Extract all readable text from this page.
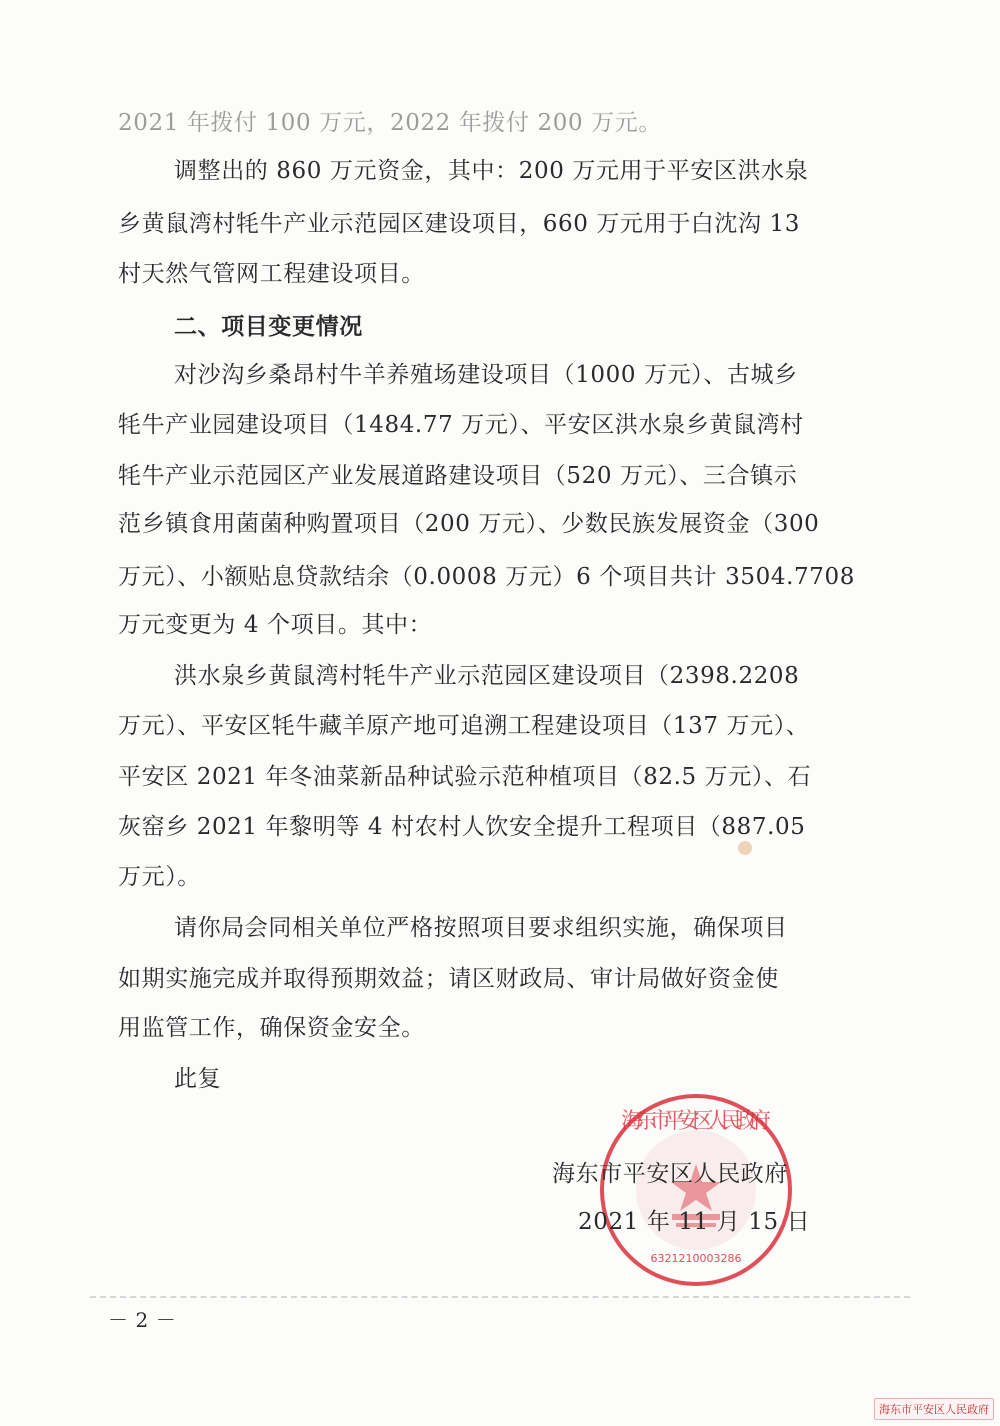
2021 年拨付 100 万元，2022 年拨付 200 万元。
调整出的 860 万元资金，其中：200 万元用于平安区洪水泉
乡黄鼠湾村牦牛产业示范园区建设项目，660 万元用于白沈沟 13
村天然气管网工程建设项目。
二、项目变更情况
对沙沟乡桑昂村牛羊养殖场建设项目（1000 万元）、古城乡
牦牛产业园建设项目（1484.77 万元）、平安区洪水泉乡黄鼠湾村
牦牛产业示范园区产业发展道路建设项目（520 万元）、三合镇示
范乡镇食用菌菌种购置项目（200 万元）、少数民族发展资金（300
万元）、小额贴息贷款结余（0.0008 万元）6 个项目共计 3504.7708
万元变更为 4 个项目。其中：
洪水泉乡黄鼠湾村牦牛产业示范园区建设项目（2398.2208
万元）、平安区牦牛藏羊原产地可追溯工程建设项目（137 万元）、
平安区 2021 年冬油菜新品种试验示范种植项目（82.5 万元）、石
灰窑乡 2021 年黎明等 4 村农村人饮安全提升工程项目（887.05
万元）。
请你局会同相关单位严格按照项目要求组织实施，确保项目
如期实施完成并取得预期效益；请区财政局、审计局做好资金使
用监管工作，确保资金安全。
此复
海东市平安区人民政府
6321210003286
海东市平安区人民政府
2021 年 11 月 15 日
－ 2 －
海东市平安区人民政府
